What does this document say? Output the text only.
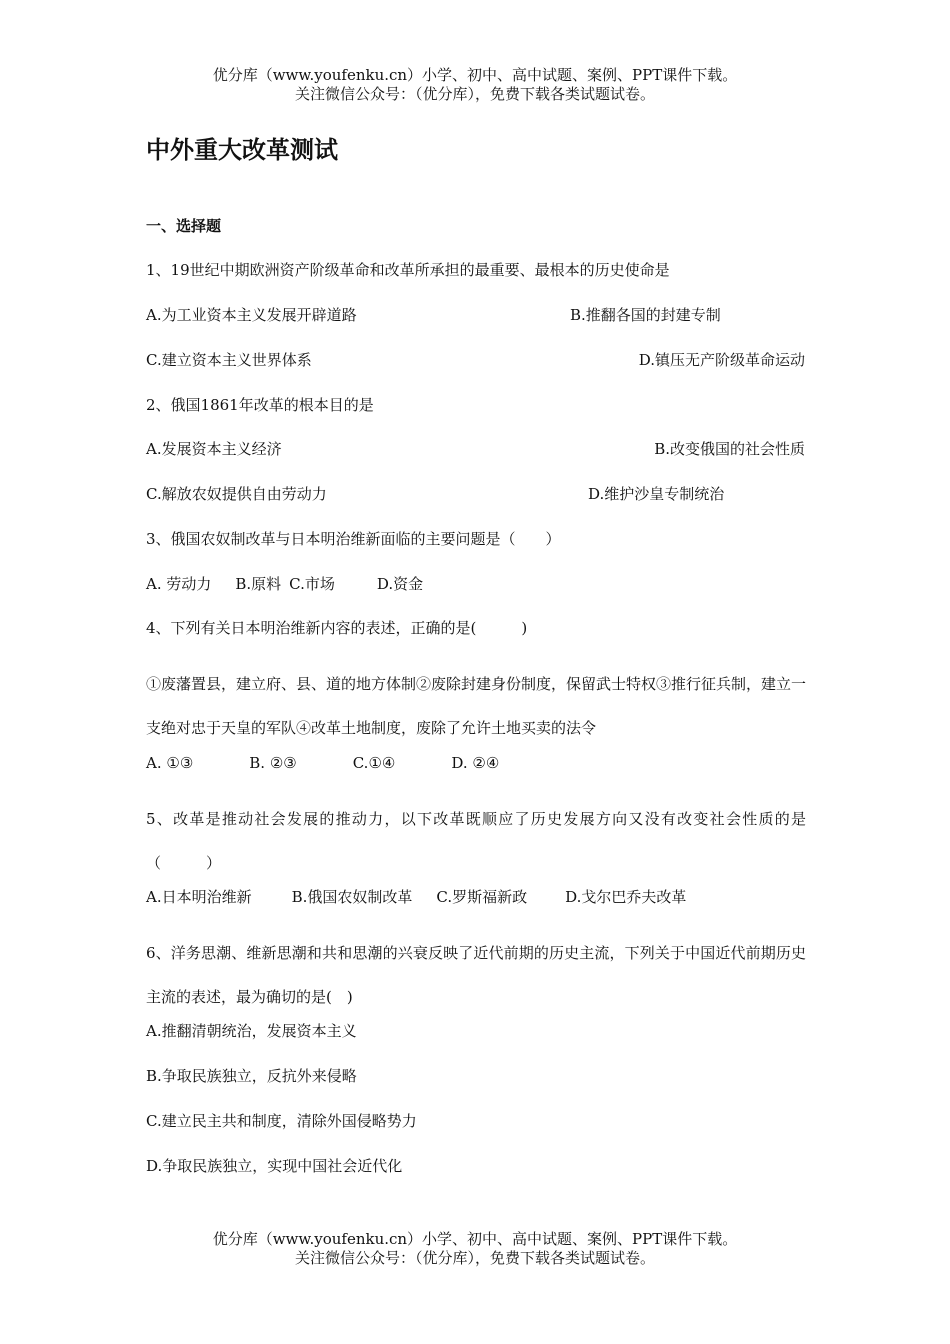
优分库（www.youfenku.cn）小学、初中、高中试题、案例、PPT课件下载。
关注微信公众号：（优分库），免费下载各类试题试卷。
中外重大改革测试
一、选择题
1、19世纪中期欧洲资产阶级革命和改革所承担的最重要、最根本的历史使命是
A.为工业资本主义发展开辟道路	B.推翻各国的封建专制
C.建立资本主义世界体系	D.镇压无产阶级革命运动
2、俄国1861年改革的根本目的是
A.发展资本主义经济	B.改变俄国的社会性质
C.解放农奴提供自由劳动力	D.维护沙皇专制统治
3、俄国农奴制改革与日本明治维新面临的主要问题是（　　）
A. 劳动力 B.原料 C.市场	D.资金
4、下列有关日本明治维新内容的表述，正确的是(　　　)
①废藩置县，建立府、县、道的地方体制②废除封建身份制度，保留武士特权③推行征兵制，建立一支绝对忠于天皇的军队④改革土地制度，废除了允许土地买卖的法令
A. ①③	B. ②③	C.①④	D. ②④
5、改革是推动社会发展的推动力，以下改革既顺应了历史发展方向又没有改变社会性质的是（　　　）
A.日本明治维新	B.俄国农奴制改革 C.罗斯福新政	D.戈尔巴乔夫改革
6、洋务思潮、维新思潮和共和思潮的兴衰反映了近代前期的历史主流，下列关于中国近代前期历史主流的表述，最为确切的是(　)
A.推翻清朝统治，发展资本主义
B.争取民族独立，反抗外来侵略
C.建立民主共和制度，清除外国侵略势力
D.争取民族独立，实现中国社会近代化
优分库（www.youfenku.cn）小学、初中、高中试题、案例、PPT课件下载。
关注微信公众号：（优分库），免费下载各类试题试卷。
